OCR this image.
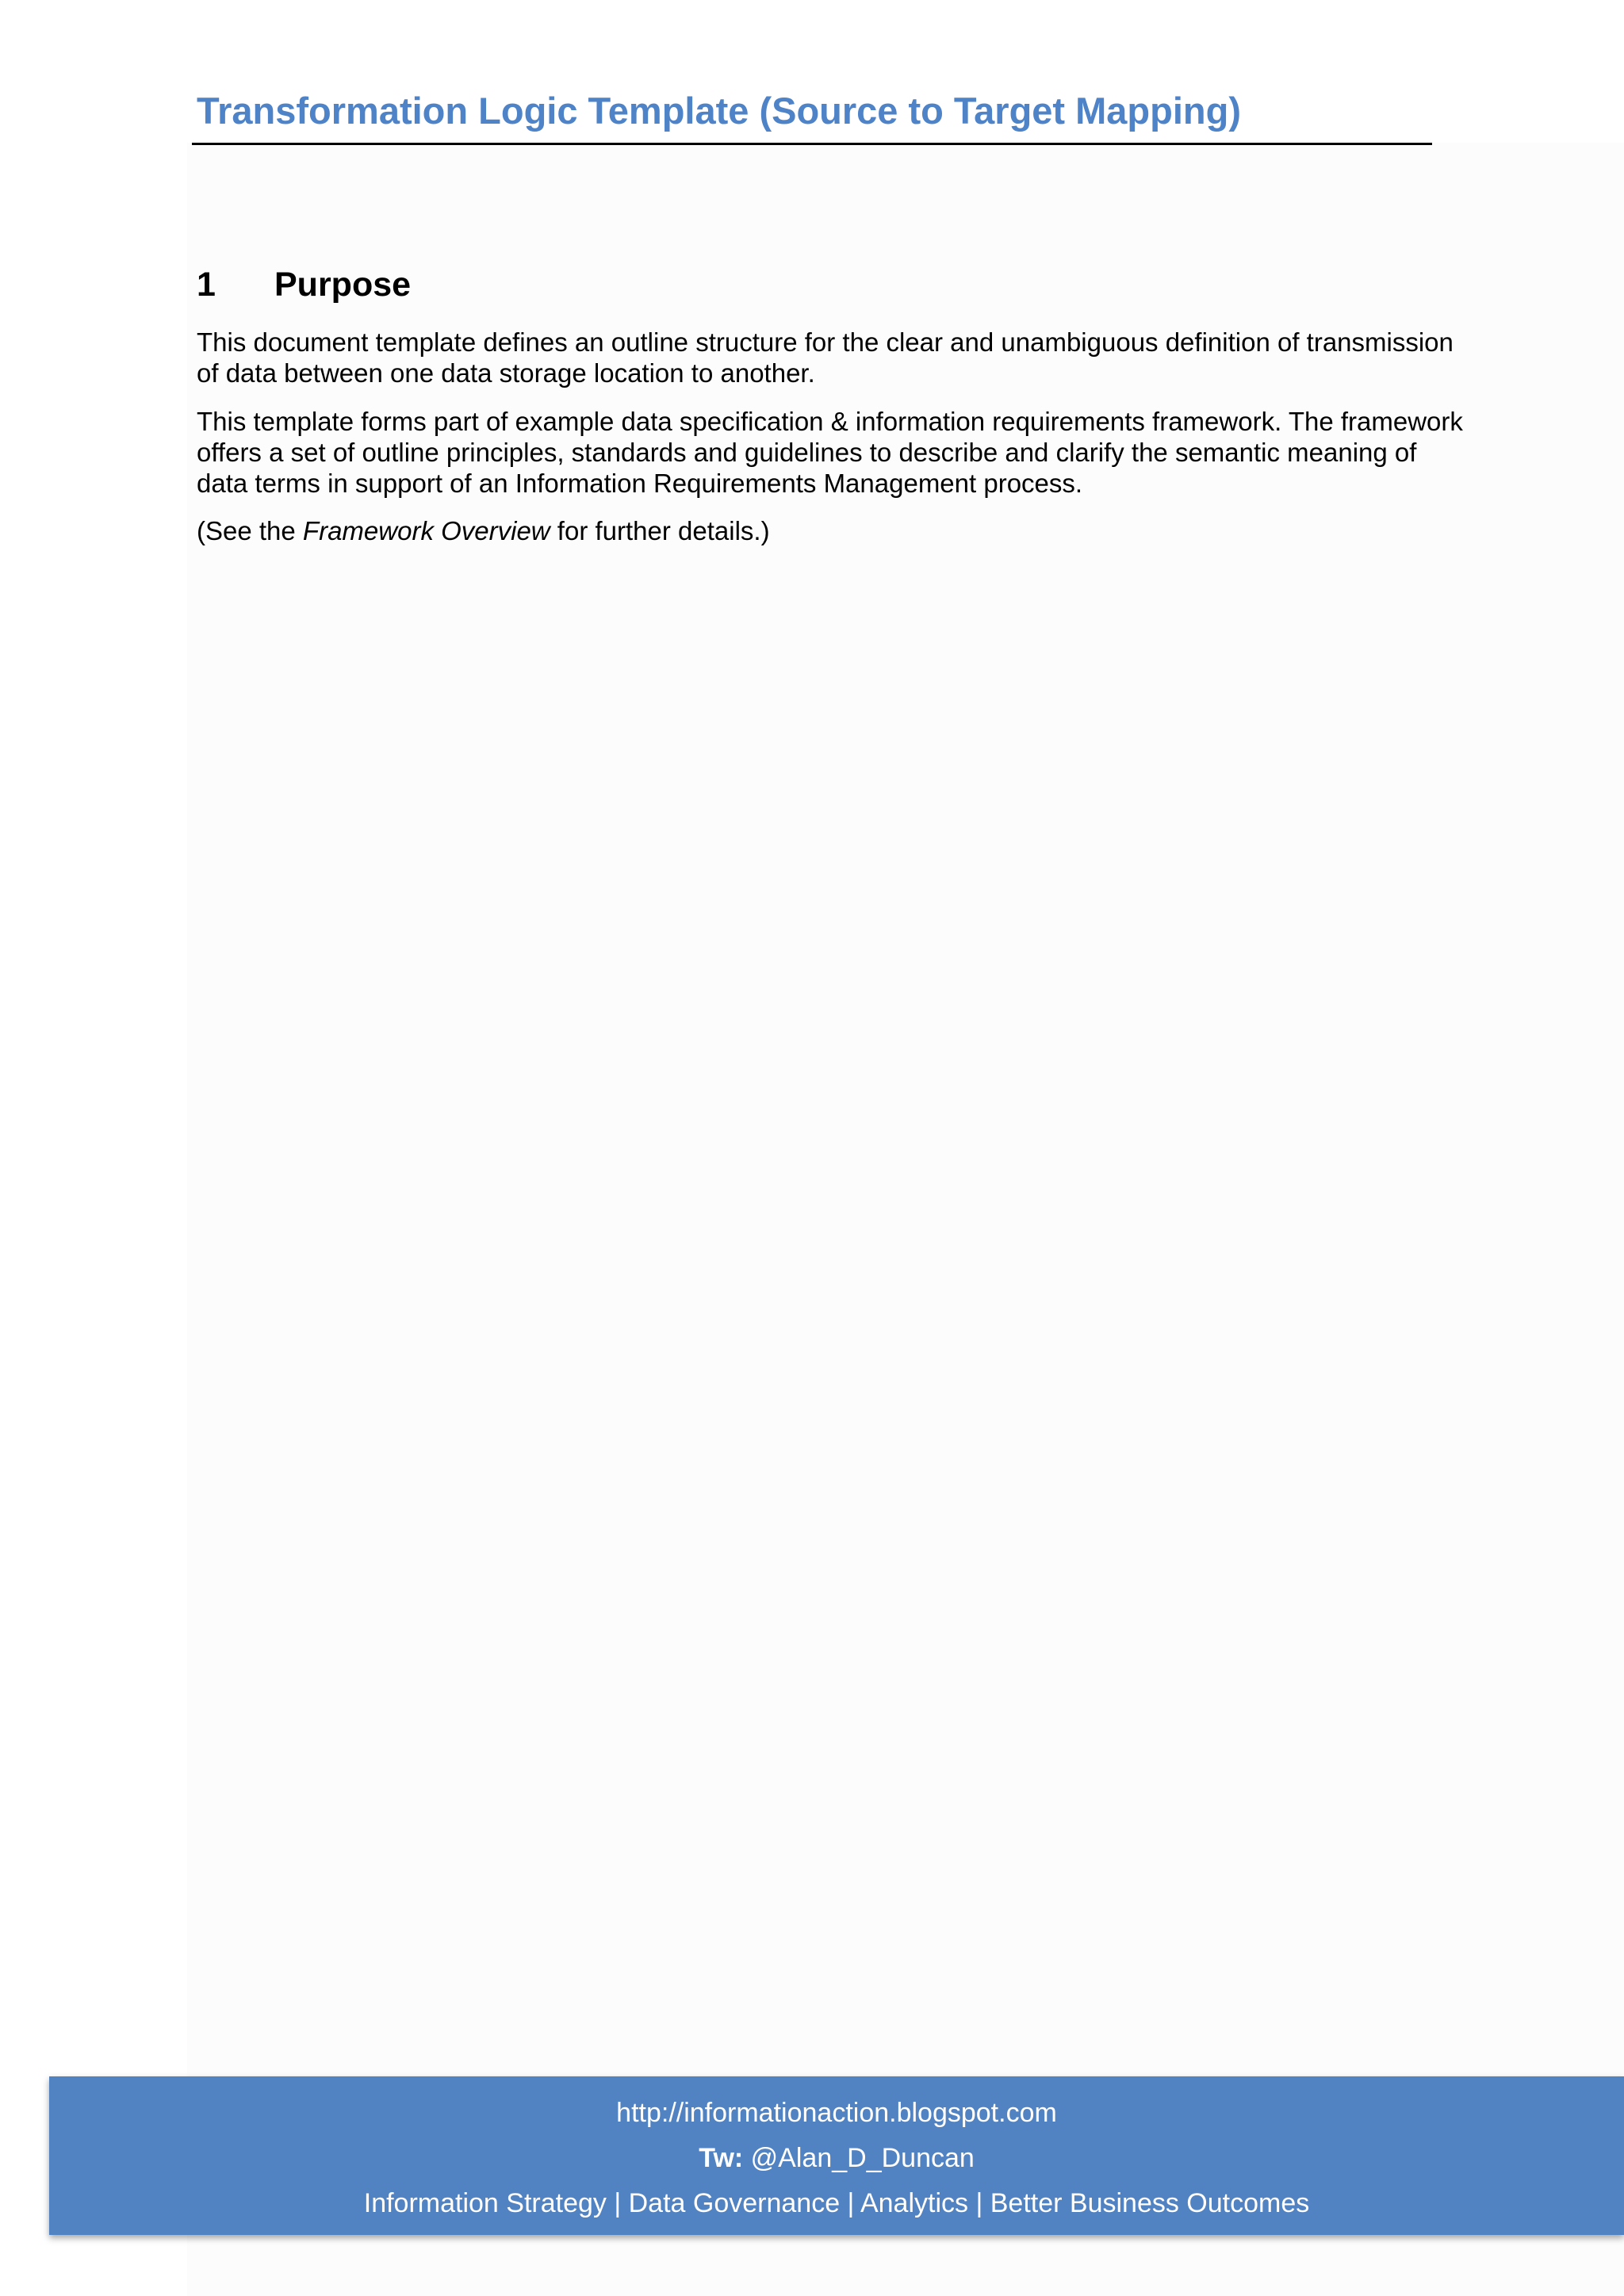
Transformation Logic Template (Source to Target Mapping)
1 Purpose

This document template defines an outline structure for the clear and unambiguous definition of transmission of data between one data storage location to another.

This template forms part of example data specification & information requirements framework. The framework offers a set of outline principles, standards and guidelines to describe and clarify the semantic meaning of data terms in support of an Information Requirements Management process.

(See the Framework Overview for further details.)

http://informationaction.blogspot.com
Tw: @Alan_D_Duncan
Information Strategy | Data Governance | Analytics | Better Business Outcomes
